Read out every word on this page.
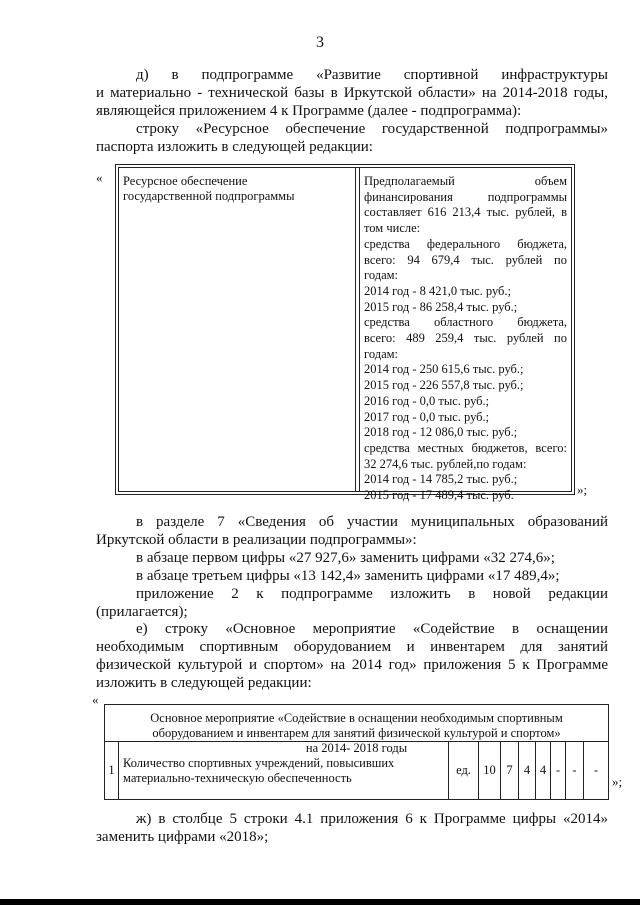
3
д) в подпрограмме «Развитие спортивной инфраструктуры
и материально - технической базы в Иркутской области» на 2014-2018 годы,
являющейся приложением 4 к Программе (далее - подпрограмма):
строку «Ресурсное обеспечение государственной подпрограммы»
паспорта изложить в следующей редакции:
« Ресурсное обеспечение
государственной подпрограммы
Предполагаемый объем
финансирования подпрограммы
составляет 616 213,4 тыс. рублей, в
том числе:
средства федерального бюджета,
всего: 94 679,4 тыс. рублей по
годам:
2014 год - 8 421,0 тыс. руб.;
2015 год - 86 258,4 тыс. руб.;
средства областного бюджета,
всего: 489 259,4 тыс. рублей по
годам:
2014 год - 250 615,6 тыс. руб.;
2015 год - 226 557,8 тыс. руб.;
2016 год - 0,0 тыс. руб.;
2017 год - 0,0 тыс. руб.;
2018 год - 12 086,0 тыс. руб.;
средства местных бюджетов, всего:
32 274,6 тыс. рублей,по годам:
2014 год - 14 785,2 тыс. руб.;
2015 год - 17 489,4 тыс. руб.	»;
в разделе 7 «Сведения об участии муниципальных образований
Иркутской области в реализации подпрограммы»:
в абзаце первом цифры «27 927,6» заменить цифрами «32 274,6»;
в абзаце третьем цифры «13 142,4» заменить цифрами «17 489,4»;
приложение 2 к подпрограмме изложить в новой редакции
(прилагается);
е) строку «Основное мероприятие «Содействие в оснащении
необходимым спортивным оборудованием и инвентарем для занятий
физической культурой и спортом» на 2014 год» приложения 5 к Программе
изложить в следующей редакции:
«
Основное мероприятие «Содействие в оснащении необходимым спортивным
оборудованием и инвентарем для занятий физической культурой и спортом»
на 2014- 2018 годы
1
Количество спортивных учреждений, повысивших
материально-техническую обеспеченность
ед. 10 7 4 4 - -	-
»;
ж) в столбце 5 строки 4.1 приложения 6 к Программе цифры «2014»
заменить цифрами «2018»;
